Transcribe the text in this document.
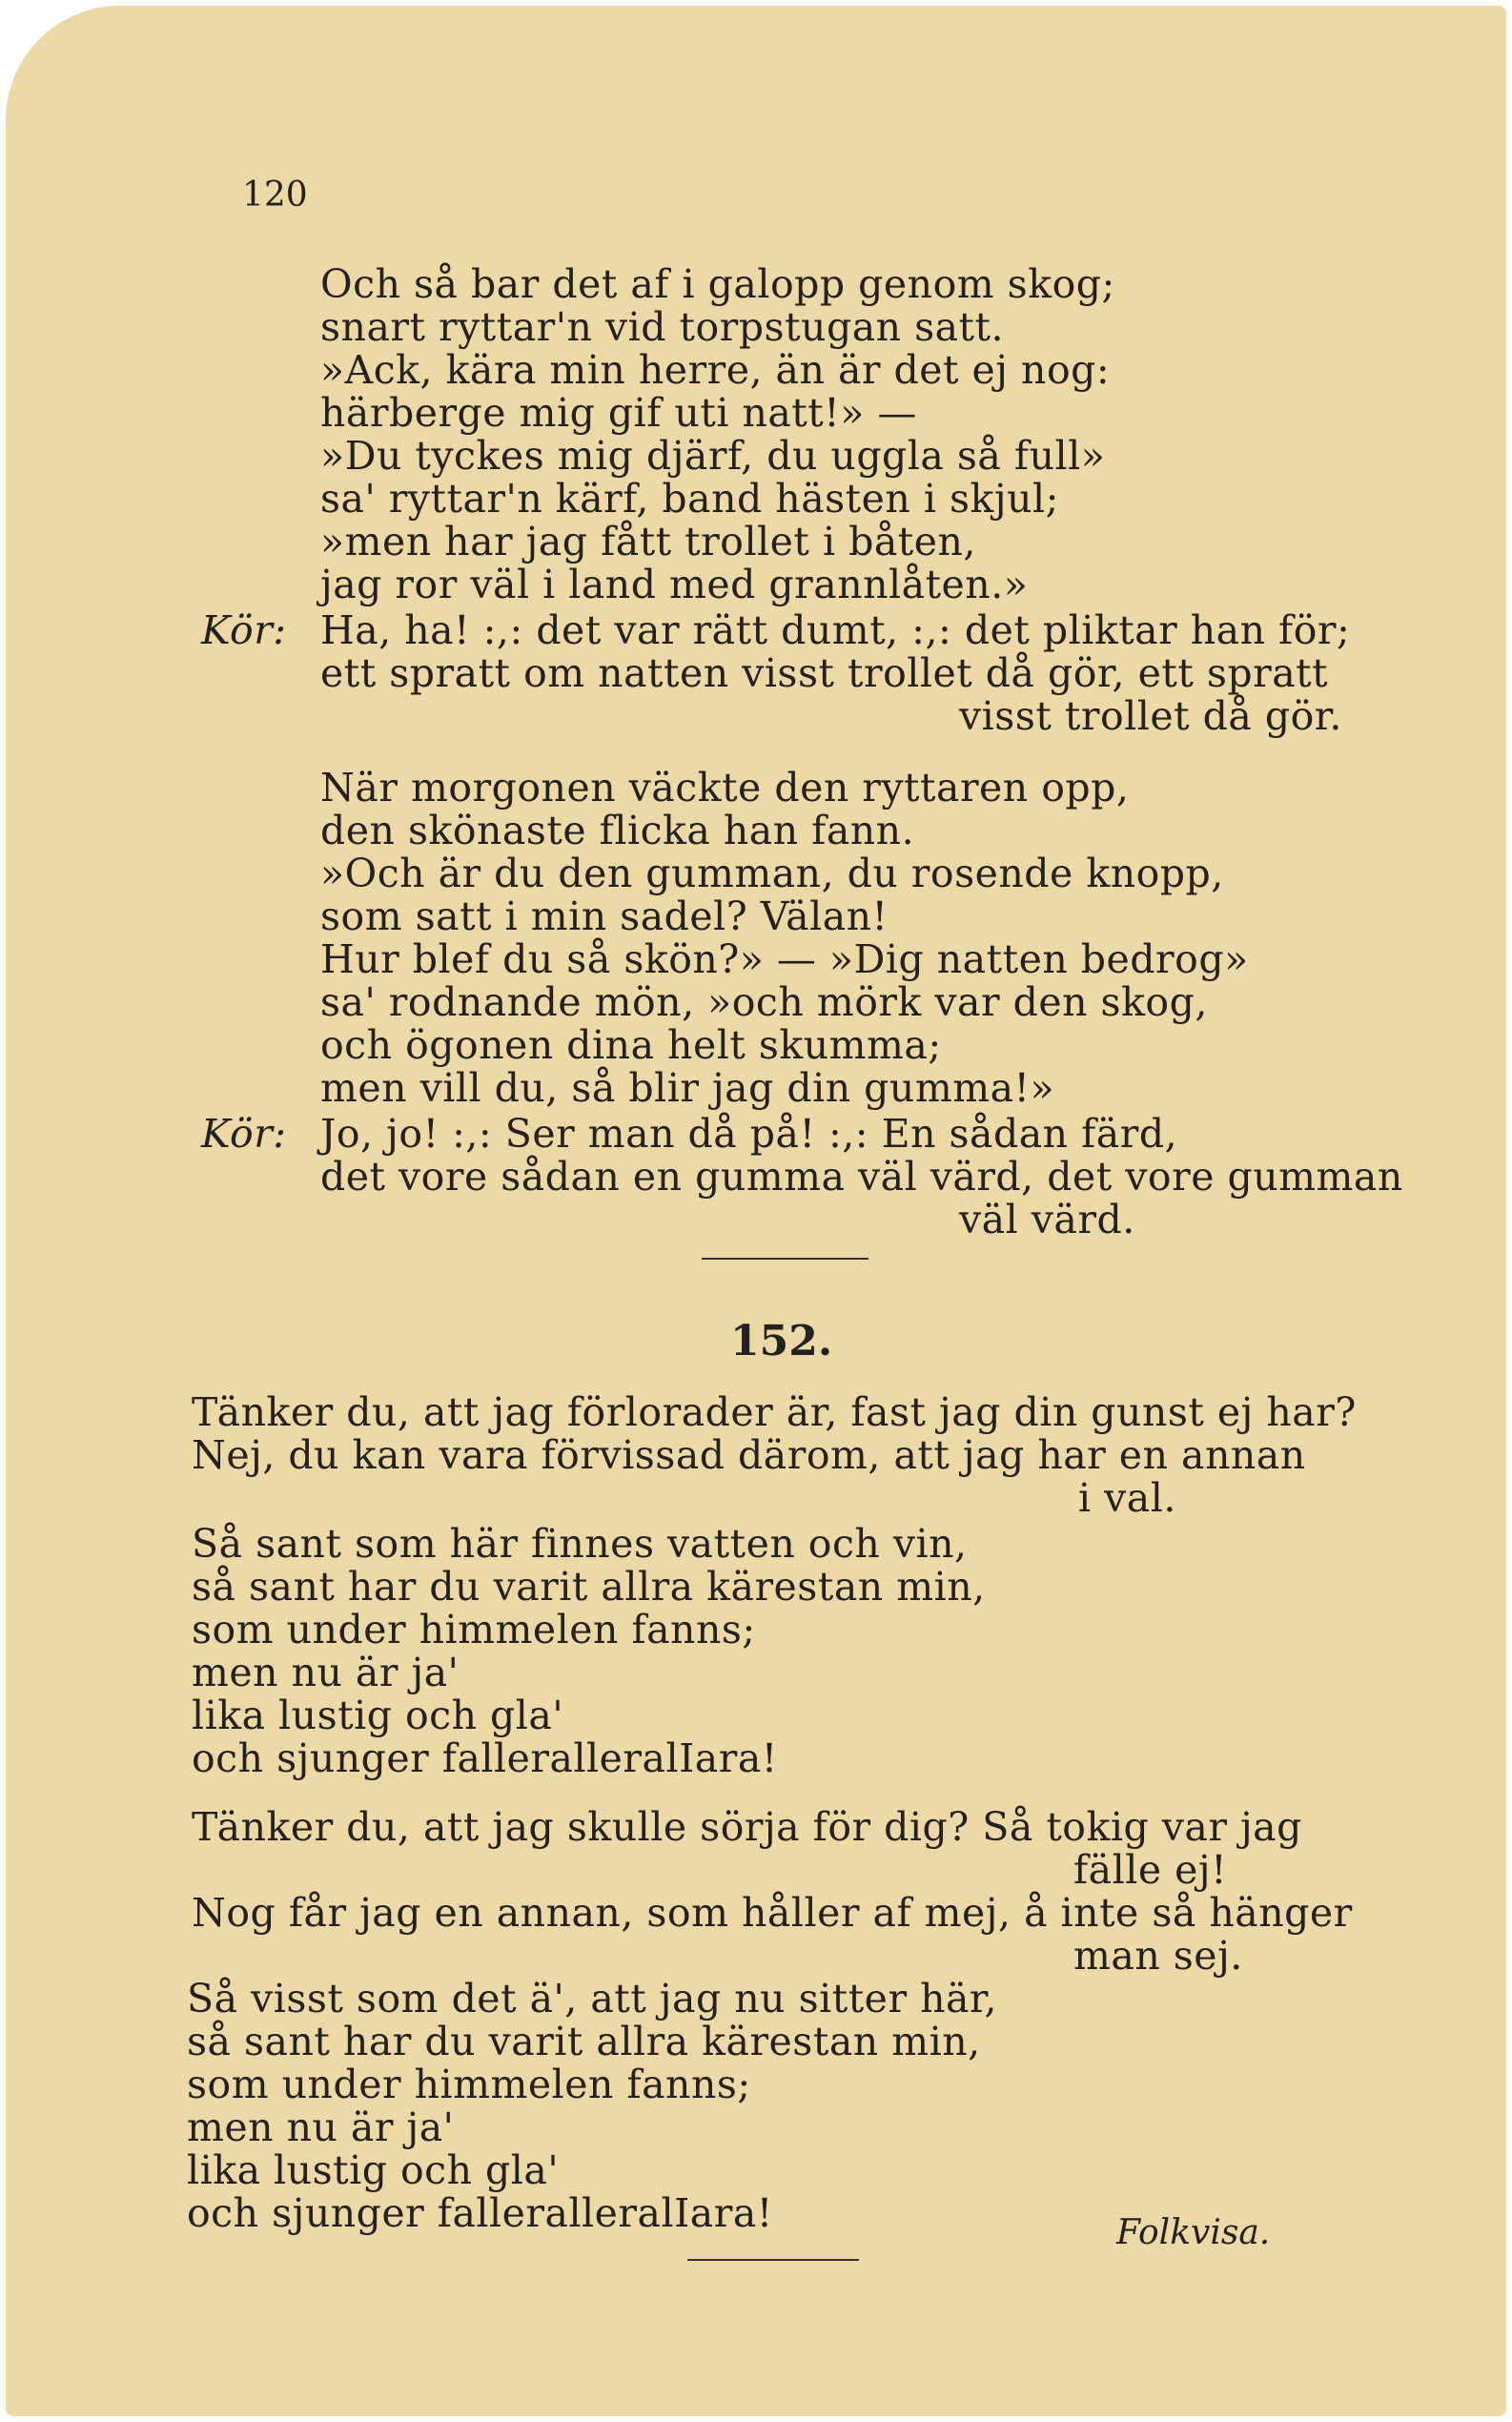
120
Och så bar det af i galopp genom skog;
snart ryttar'n vid torpstugan satt.
»Ack, kära min herre, än är det ej nog:
härberge mig gif uti natt!» —
»Du tyckes mig djärf, du uggla så full»
sa' ryttar'n kärf, band hästen i skjul;
»men har jag fått trollet i båten,
jag ror väl i land med grannlåten.»
Kör: Ha, ha! :,: det var rätt dumt, :,: det pliktar han för;
ett spratt om natten visst trollet då gör, ett spratt
visst trollet då gör.
När morgonen väckte den ryttaren opp,
den skönaste flicka han fann.
»Och är du den gumman, du rosende knopp,
som satt i min sadel? Välan!
Hur blef du så skön?» — »Dig natten bedrog»
sa' rodnande mön, »och mörk var den skog,
och ögonen dina helt skumma;
men vill du, så blir jag din gumma!»
Kör: Jo, jo! :,: Ser man då på! :,: En sådan färd,
det vore sådan en gumma väl värd, det vore gumman
väl värd.
152.
Tänker du, att jag förlorader är, fast jag din gunst ej har?
Nej, du kan vara förvissad därom, att jag har en annan
i val.
Så sant som här finnes vatten och vin,
så sant har du varit allra kärestan min,
som under himmelen fanns;
men nu är ja'
lika lustig och gla'
och sjunger falleralleralIara!
Tänker du, att jag skulle sörja för dig? Så tokig var jag
fälle ej!
Nog får jag en annan, som håller af mej, å inte så hänger
man sej.
Så visst som det ä', att jag nu sitter här,
så sant har du varit allra kärestan min,
som under himmelen fanns;
men nu är ja'
lika lustig och gla'
och sjunger falleralleralIara!	Folkvisa.
